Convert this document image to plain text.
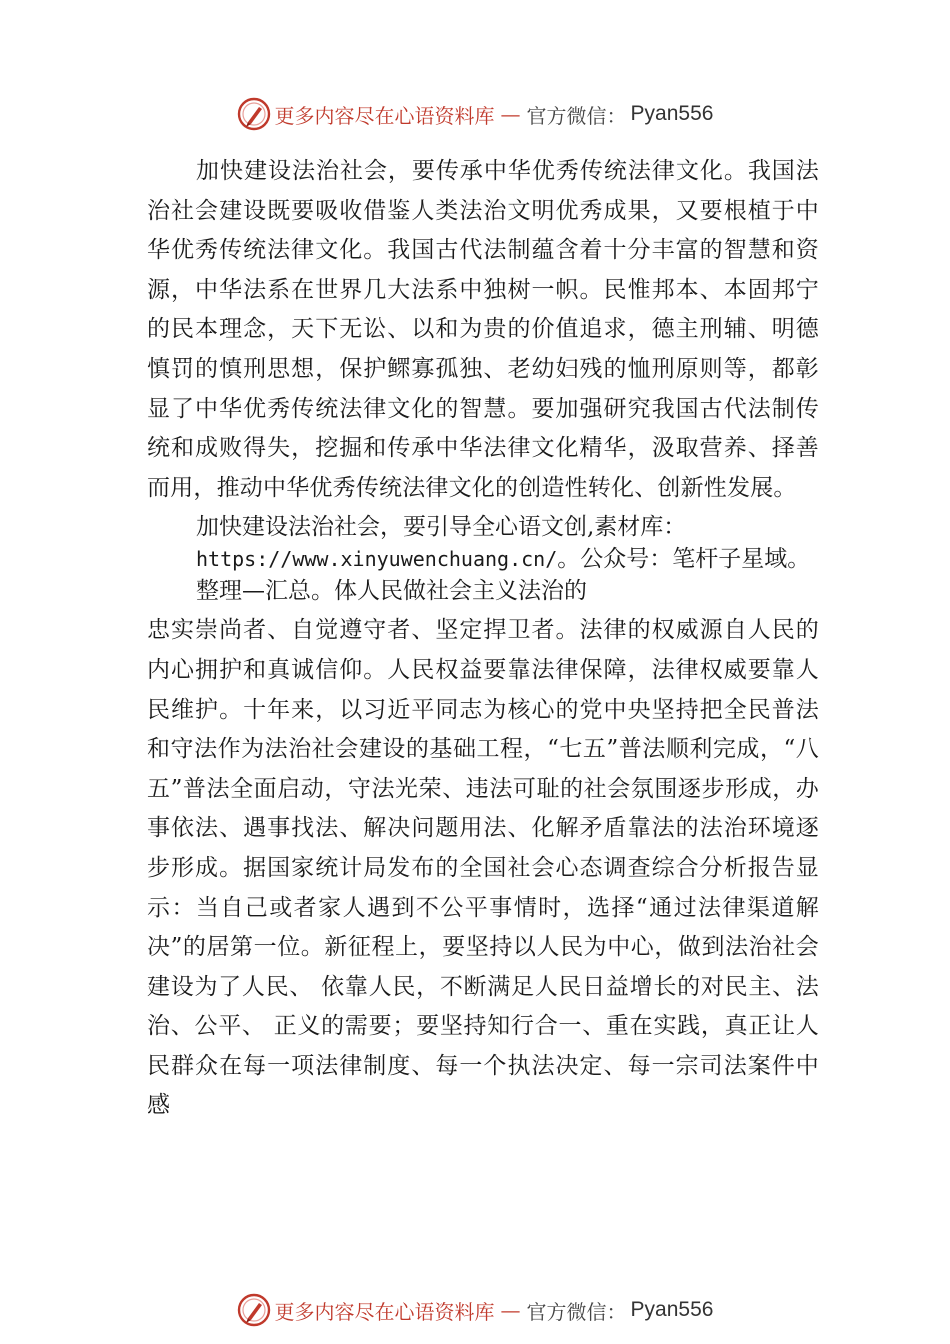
更多内容尽在心语资料库 — 官方微信： Pyan556

加快建设法治社会，要传承中华优秀传统法律文化。我国法治社会建设既要吸收借鉴人类法治文明优秀成果，又要根植于中华优秀传统法律文化。我国古代法制蕴含着十分丰富的智慧和资源，中华法系在世界几大法系中独树一帜。民惟邦本、本固邦宁的民本理念，天下无讼、以和为贵的价值追求，德主刑辅、明德慎罚的慎刑思想，保护鳏寡孤独、老幼妇残的恤刑原则等，都彰显了中华优秀传统法律文化的智慧。要加强研究我国古代法制传统和成败得失，挖掘和传承中华法律文化精华，汲取营养、择善而用，推动中华优秀传统法律文化的创造性转化、创新性发展。

加快建设法治社会，要引导全心语文创,素材库：
https://www.xinyuwenchuang.cn/。公众号：笔杆子星域。整理—汇总。体人民做社会主义法治的

忠实崇尚者、自觉遵守者、坚定捍卫者。法律的权威源自人民的内心拥护和真诚信仰。人民权益要靠法律保障，法律权威要靠人民维护。十年来，以习近平同志为核心的党中央坚持把全民普法和守法作为法治社会建设的基础工程，“七五”普法顺利完成，“八五”普法全面启动，守法光荣、违法可耻的社会氛围逐步形成，办事依法、遇事找法、解决问题用法、化解矛盾靠法的法治环境逐步形成。据国家统计局发布的全国社会心态调查综合分析报告显示：当自己或者家人遇到不公平事情时，选择“通过法律渠道解决”的居第一位。新征程上，要坚持以人民为中心，做到法治社会建设为了人民、 依靠人民，不断满足人民日益增长的对民主、法治、公平、 正义的需要；要坚持知行合一、重在实践，真正让人民群众在每一项法律制度、每一个执法决定、每一宗司法案件中感

更多内容尽在心语资料库 — 官方微信： Pyan556
